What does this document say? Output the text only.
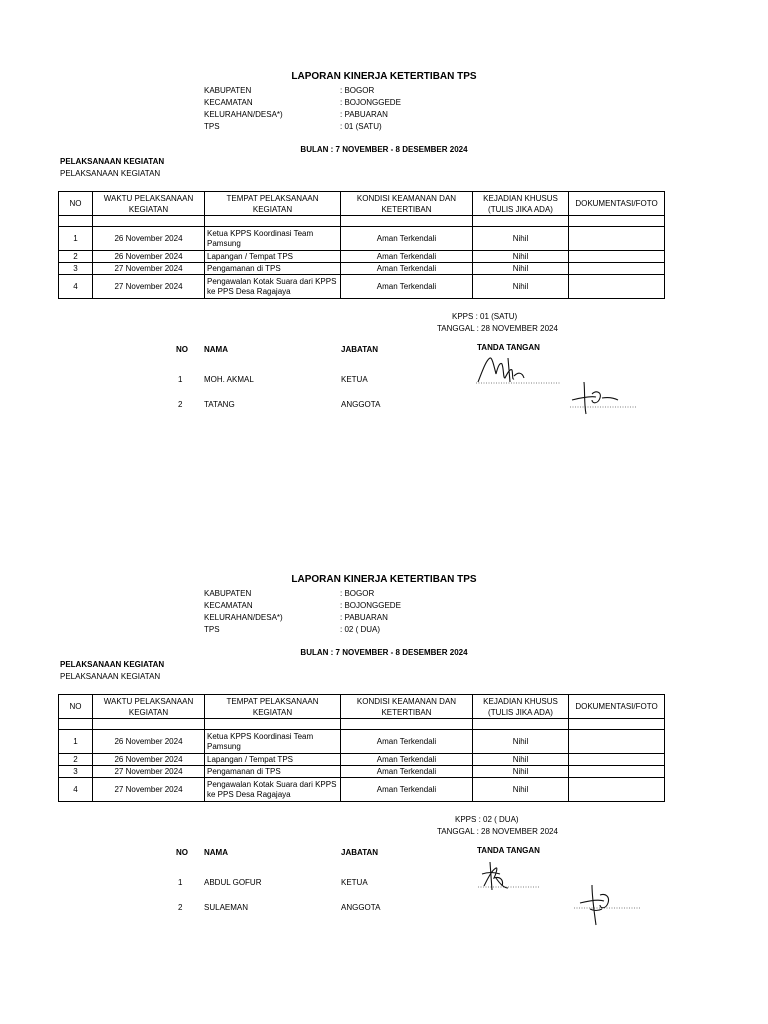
LAPORAN KINERJA KETERTIBAN TPS
KABUPATEN	: BOGOR
KECAMATAN	: BOJONGGEDE
KELURAHAN/DESA*)	: PABUARAN
TPS	: 01 (SATU)
BULAN : 7 NOVEMBER - 8 DESEMBER 2024
PELAKSANAAN KEGIATAN
PELAKSANAAN KEGIATAN
NO	WAKTU PELAKSANAAN KEGIATAN	TEMPAT PELAKSANAAN KEGIATAN	KONDISI KEAMANAN DAN KETERTIBAN	KEJADIAN KHUSUS (TULIS JIKA ADA)	DOKUMENTASI/FOTO

1	26 November 2024	Ketua KPPS Koordinasi Team Pamsung	Aman Terkendali	Nihil	
2	26 November 2024	Lapangan / Tempat TPS	Aman Terkendali	Nihil	
3	27 November 2024	Pengamanan di TPS	Aman Terkendali	Nihil	
4	27 November 2024	Pengawalan Kotak Suara dari KPPS ke PPS Desa Ragajaya	Aman Terkendali	Nihil	
KPPS : 01 (SATU)
TANGGAL : 28 NOVEMBER 2024
NO NAMA	JABATAN	TANDA TANGAN
1	MOH. AKMAL	KETUA
2	TATANG	ANGGOTA
LAPORAN KINERJA KETERTIBAN TPS
KABUPATEN	: BOGOR
KECAMATAN	: BOJONGGEDE
KELURAHAN/DESA*)	: PABUARAN
TPS	: 02 ( DUA)
BULAN : 7 NOVEMBER - 8 DESEMBER 2024
PELAKSANAAN KEGIATAN
PELAKSANAAN KEGIATAN
NO	WAKTU PELAKSANAAN KEGIATAN	TEMPAT PELAKSANAAN KEGIATAN	KONDISI KEAMANAN DAN KETERTIBAN	KEJADIAN KHUSUS (TULIS JIKA ADA)	DOKUMENTASI/FOTO

1	26 November 2024	Ketua KPPS Koordinasi Team Pamsung	Aman Terkendali	Nihil	
2	26 November 2024	Lapangan / Tempat TPS	Aman Terkendali	Nihil	
3	27 November 2024	Pengamanan di TPS	Aman Terkendali	Nihil	
4	27 November 2024	Pengawalan Kotak Suara dari KPPS ke PPS Desa Ragajaya	Aman Terkendali	Nihil	
KPPS : 02 ( DUA)
TANGGAL : 28 NOVEMBER 2024
NO NAMA	JABATAN	TANDA TANGAN
1	ABDUL GOFUR	KETUA
2	SULAEMAN	ANGGOTA
